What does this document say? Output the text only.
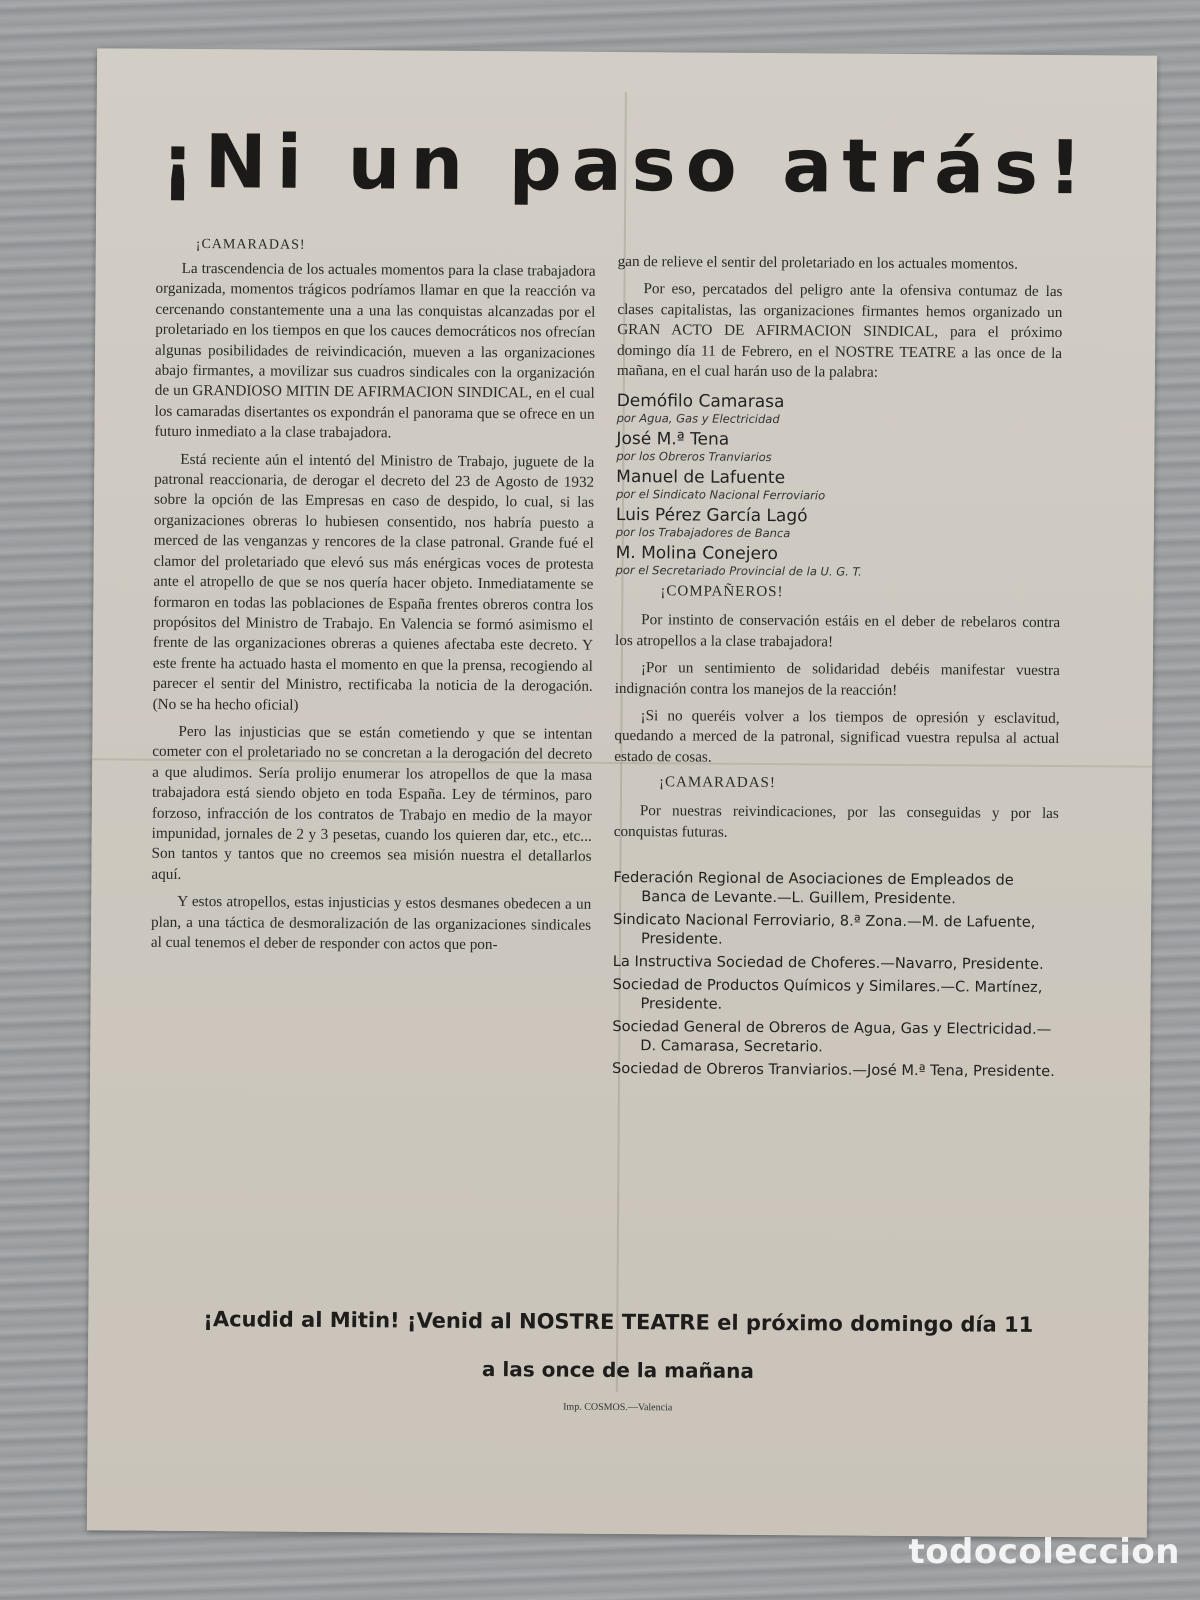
¡Ni un paso atrás!
¡CAMARADAS!

La trascendencia de los actuales momentos para la clase trabajadora organizada, momentos trágicos podríamos llamar en que la reacción va cercenando constantemente una a una las conquistas alcanzadas por el proletariado en los tiempos en que los cauces democráticos nos ofrecían algunas posibilidades de reivindicación, mueven a las organizaciones abajo firmantes, a movilizar sus cuadros sindicales con la organización de un GRANDIOSO MITIN DE AFIRMACION SINDICAL, en el cual los camaradas disertantes os expondrán el panorama que se ofrece en un futuro inmediato a la clase trabajadora.

Está reciente aún el intentó del Ministro de Trabajo, juguete de la patronal reaccionaria, de derogar el decreto del 23 de Agosto de 1932 sobre la opción de las Empresas en caso de despido, lo cual, si las organizaciones obreras lo hubiesen consentido, nos habría puesto a merced de las venganzas y rencores de la clase patronal. Grande fué el clamor del proletariado que elevó sus más enérgicas voces de protesta ante el atropello de que se nos quería hacer objeto. Inmediatamente se formaron en todas las poblaciones de España frentes obreros contra los propósitos del Ministro de Trabajo. En Valencia se formó asimismo el frente de las organizaciones obreras a quienes afectaba este decreto. Y este frente ha actuado hasta el momento en que la prensa, recogiendo al parecer el sentir del Ministro, rectificaba la noticia de la derogación. (No se ha hecho oficial)

Pero las injusticias que se están cometiendo y que se intentan cometer con el proletariado no se concretan a la derogación del decreto a que aludimos. Sería prolijo enumerar los atropellos de que la masa trabajadora está siendo objeto en toda España. Ley de términos, paro forzoso, infracción de los contratos de Trabajo en medio de la mayor impunidad, jornales de 2 y 3 pesetas, cuando los quieren dar, etc., etc... Son tantos y tantos que no creemos sea misión nuestra el detallarlos aquí.

Y estos atropellos, estas injusticias y estos desmanes obedecen a un plan, a una táctica de desmoralización de las organizaciones sindicales al cual tenemos el deber de responder con actos que pon-

gan de relieve el sentir del proletariado en los actuales momentos.

Por eso, percatados del peligro ante la ofensiva contumaz de las clases capitalistas, las organizaciones firmantes hemos organizado un GRAN ACTO DE AFIRMACION SINDICAL, para el próximo domingo día 11 de Febrero, en el NOSTRE TEATRE a las once de la mañana, en el cual harán uso de la palabra:

Demófilo Camarasa
por Agua, Gas y Electricidad
José M.ª Tena
por los Obreros Tranviarios
Manuel de Lafuente
por el Sindicato Nacional Ferroviario
Luis Pérez García Lagó
por los Trabajadores de Banca
M. Molina Conejero
por el Secretariado Provincial de la U. G. T.
¡COMPAÑEROS!

Por instinto de conservación estáis en el deber de rebelaros contra los atropellos a la clase trabajadora!

¡Por un sentimiento de solidaridad debéis manifestar vuestra indignación contra los manejos de la reacción!

¡Si no queréis volver a los tiempos de opresión y esclavitud, quedando a merced de la patronal, significad vuestra repulsa al actual estado de cosas.

¡CAMARADAS!

Por nuestras reivindicaciones, por las conseguidas y por las conquistas futuras.

Federación Regional de Asociaciones de Empleados de Banca de Levante.—L. Guillem, Presidente.
Sindicato Nacional Ferroviario, 8.ª Zona.—M. de Lafuente, Presidente.
La Instructiva Sociedad de Choferes.—Navarro, Presidente.
Sociedad de Productos Químicos y Similares.—C. Martínez, Presidente.
Sociedad General de Obreros de Agua, Gas y Electricidad.—D. Camarasa, Secretario.
Sociedad de Obreros Tranviarios.—José M.ª Tena, Presidente.
¡Acudid al Mitin! ¡Venid al NOSTRE TEATRE el próximo domingo día 11
a las once de la mañana
Imp. COSMOS.—Valencia
todocoleccion
